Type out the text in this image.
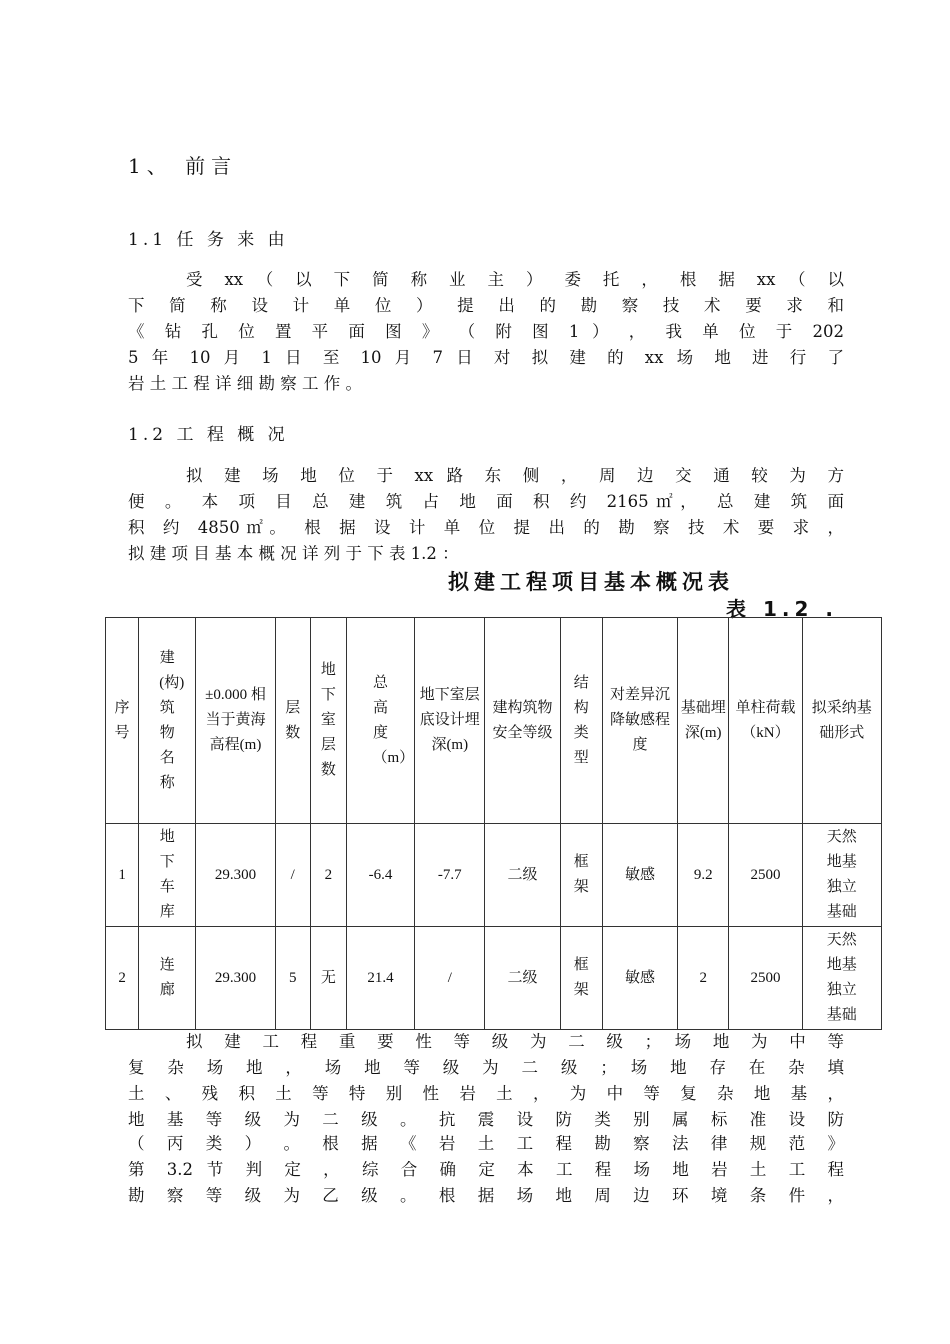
1、 前言
1.1 任 务 来 由
受 xx （ 以 下 简 称 业 主 ） 委 托 ， 根 据 xx （ 以
下 简 称 设 计 单 位 ） 提 出 的 勘 察 技 术 要 求 和
《 钻 孔 位 置 平 面 图 》 （ 附 图 1 ） ， 我 单 位 于 202
5 年 10 月 1 日 至 10 月 7 日 对 拟 建 的 xx 场 地 进 行 了
岩 土 工 程 详 细 勘 察 工 作 。
1.2 工 程 概 况
拟 建 场 地 位 于 xx 路 东 侧 ， 周 边 交 通 较 为 方
便 。 本 项 目 总 建 筑 占 地 面 积 约 2165㎡， 总 建 筑 面
积 约 4850㎡。 根 据 设 计 单 位 提 出 的 勘 察 技 术 要 求 ，
拟 建 项 目 基 本 概 况 详 列 于 下 表 1.2 ：
拟建工程项目基本概况表
表 1.2 .
序号	建(构)筑物名称	±0.000 相当于黄海高程(m)	层数	地下室层数	总高度（m）	地下室层底设计埋深(m)	建构筑物安全等级	结构类型	对差异沉降敏感程度	基础埋深(m)	单柱荷载（kN）	拟采纳基础形式
1	地下车库	29.300	/	2	-6.4	-7.7	二级	框架	敏感	9.2	2500	天然地基独立基础
2	连廊	29.300	5	无	21.4	/	二级	框架	敏感	2	2500	天然地基独立基础
拟 建 工 程 重 要 性 等 级 为 二 级 ； 场 地 为 中 等
复 杂 场 地 ， 场 地 等 级 为 二 级 ； 场 地 存 在 杂 填
土 、 残 积 土 等 特 别 性 岩 土 ， 为 中 等 复 杂 地 基 ，
地 基 等 级 为 二 级 。 抗 震 设 防 类 别 属 标 准 设 防
（ 丙 类 ） 。 根 据 《 岩 土 工 程 勘 察 法 律 规 范 》
第 3.2 节 判 定 ， 综 合 确 定 本 工 程 场 地 岩 土 工 程
勘 察 等 级 为 乙 级 。 根 据 场 地 周 边 环 境 条 件 ，
